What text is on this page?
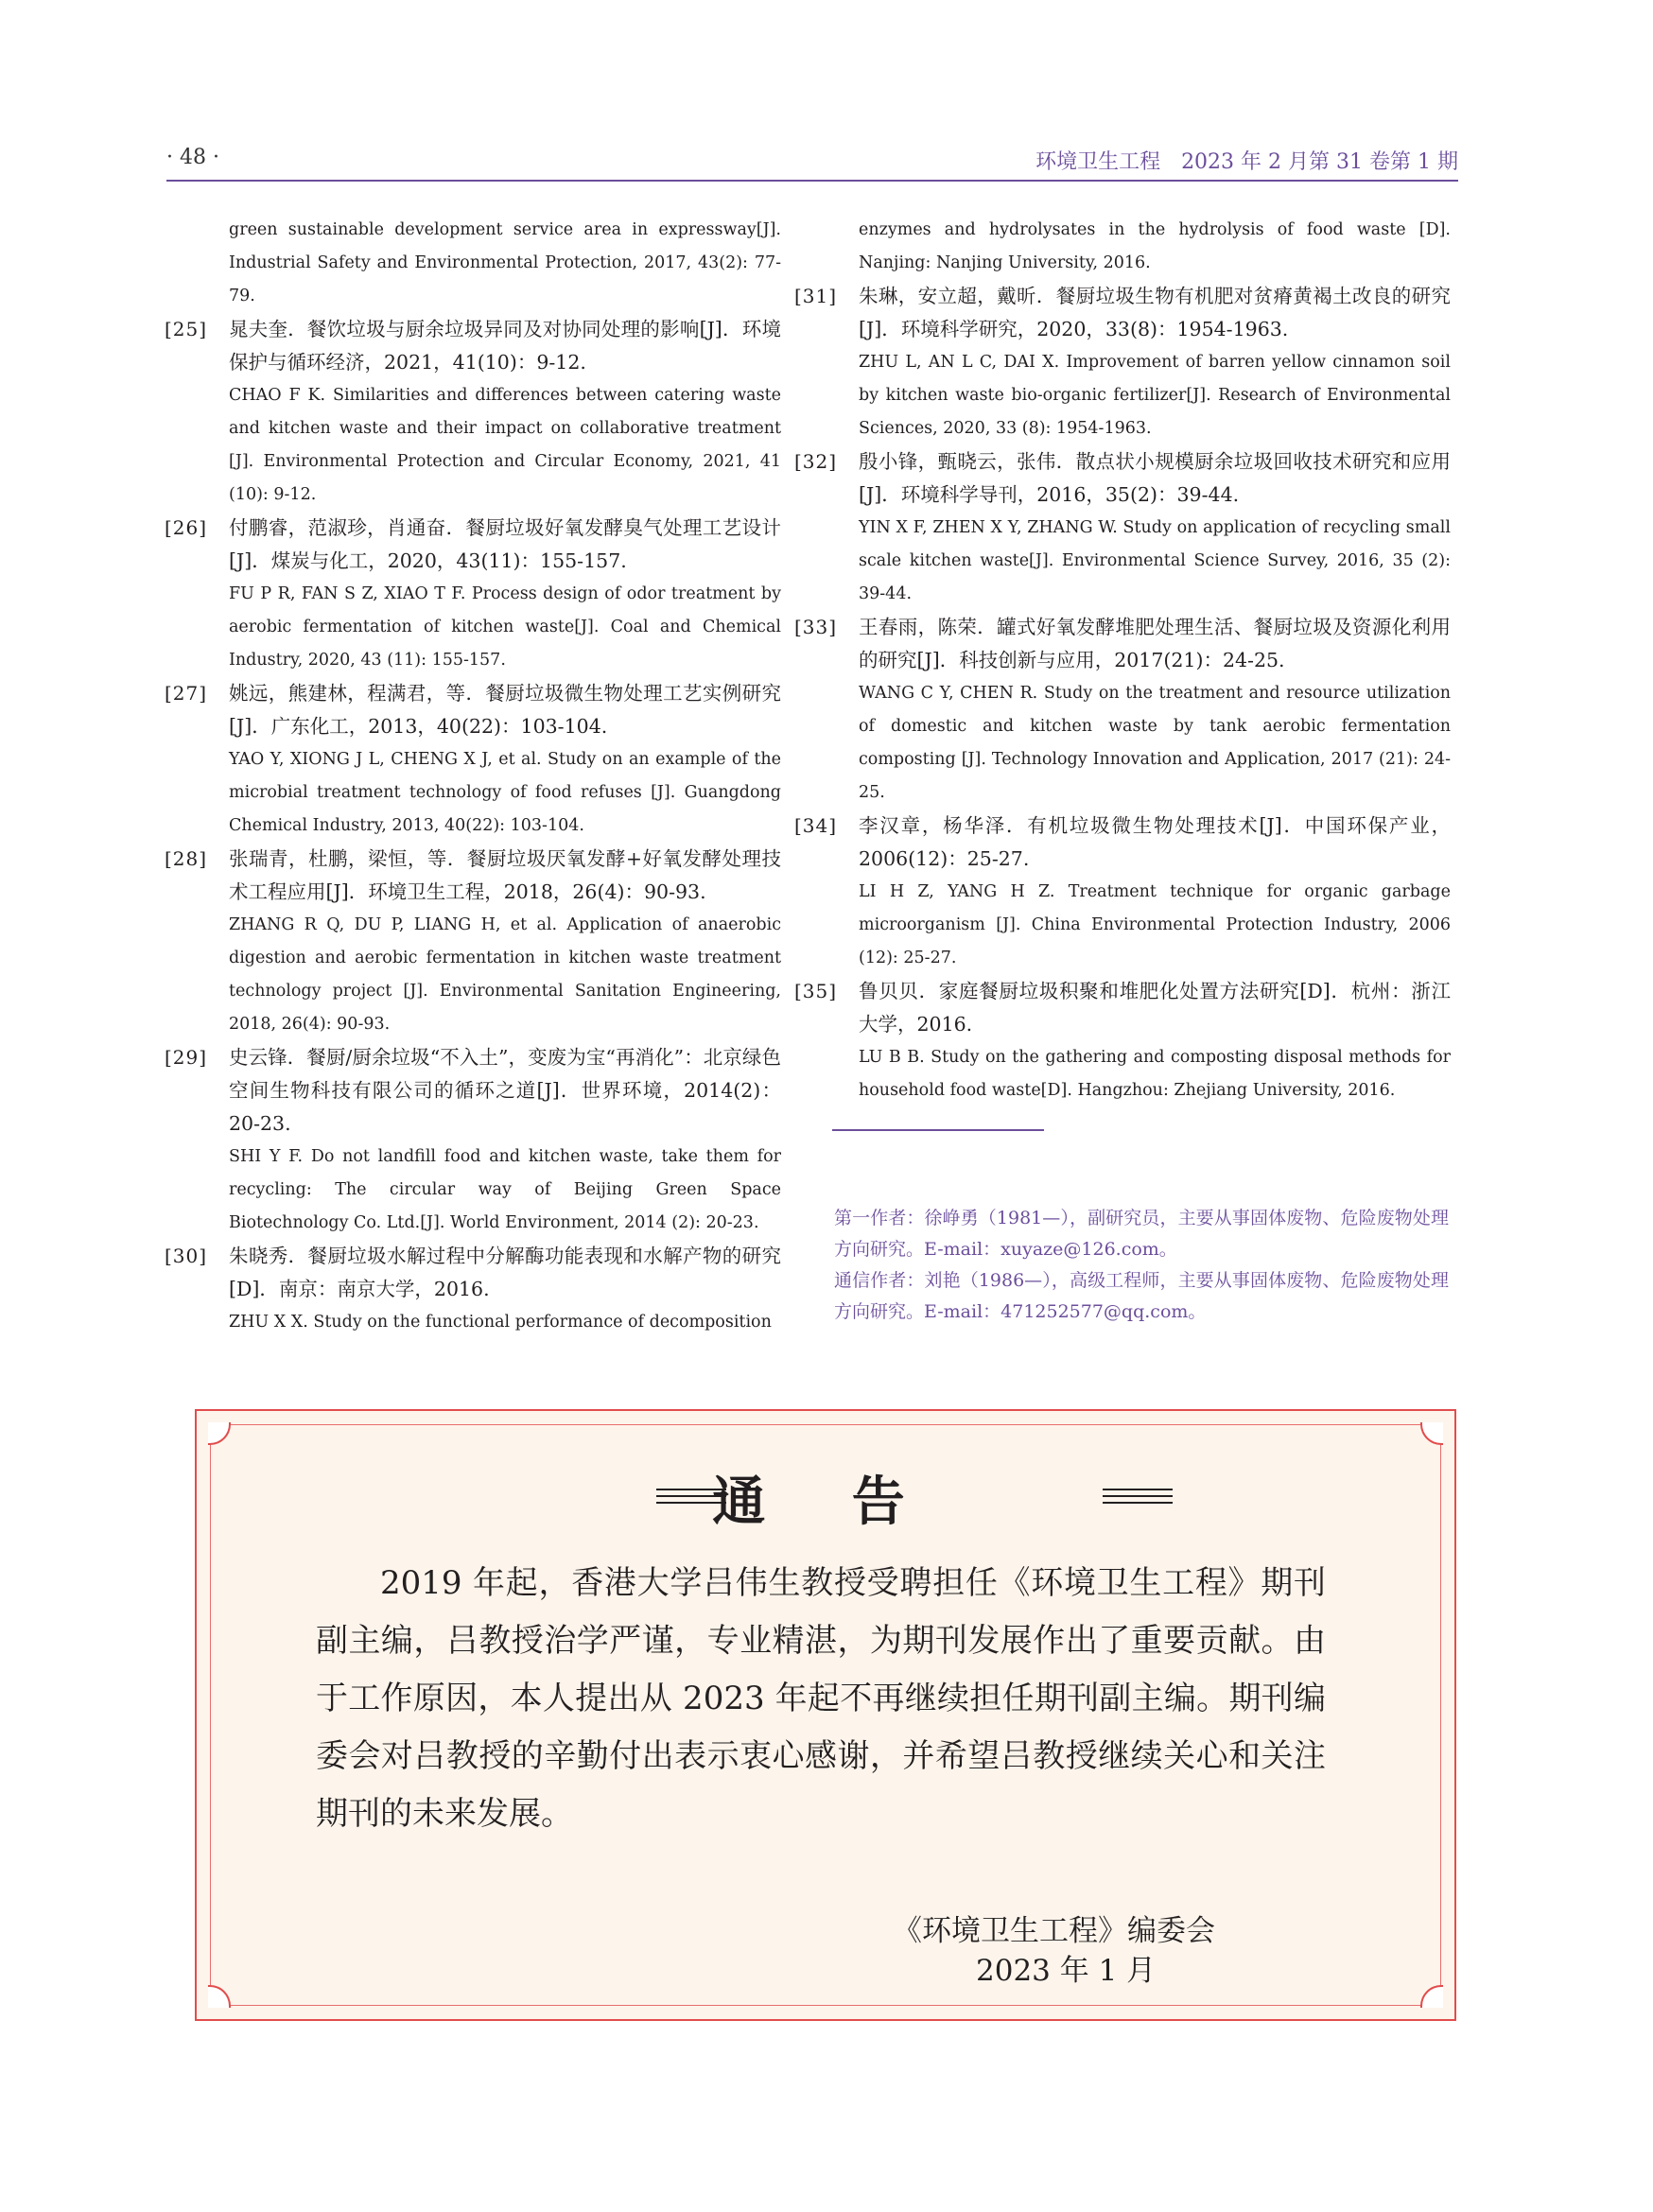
· 48 ·	环境卫生工程　2023 年 2 月第 31 卷第 1 期

green sustainable development service area in expressway[J]. Industrial Safety and Environmental Protection, 2017, 43(2): 77-79.

[25] 晁夫奎．餐饮垃圾与厨余垃圾异同及对协同处理的影响[J]．环境保护与循环经济，2021，41(10)：9-12.

CHAO F K. Similarities and differences between catering waste and kitchen waste and their impact on collaborative treatment [J]. Environmental Protection and Circular Economy, 2021, 41 (10): 9-12.

[26] 付鹏睿，范淑珍，肖通奋．餐厨垃圾好氧发酵臭气处理工艺设计[J]．煤炭与化工，2020，43(11)：155-157.

FU P R, FAN S Z, XIAO T F. Process design of odor treatment by aerobic fermentation of kitchen waste[J]. Coal and Chemical Industry, 2020, 43 (11): 155-157.

[27] 姚远，熊建林，程满君，等．餐厨垃圾微生物处理工艺实例研究[J]．广东化工，2013，40(22)：103-104.

YAO Y, XIONG J L, CHENG X J, et al. Study on an example of the microbial treatment technology of food refuses [J]. Guangdong Chemical Industry, 2013, 40(22): 103-104.

[28] 张瑞青，杜鹏，梁恒，等．餐厨垃圾厌氧发酵+好氧发酵处理技术工程应用[J]．环境卫生工程，2018，26(4)：90-93.

ZHANG R Q, DU P, LIANG H, et al. Application of anaerobic digestion and aerobic fermentation in kitchen waste treatment technology project [J]. Environmental Sanitation Engineering, 2018, 26(4): 90-93.

[29] 史云锋．餐厨/厨余垃圾“不入土”，变废为宝“再消化”：北京绿色空间生物科技有限公司的循环之道[J]．世界环境，2014(2)：20-23.

SHI Y F. Do not landfill food and kitchen waste, take them for recycling: The circular way of Beijing Green Space Biotechnology Co. Ltd.[J]. World Environment, 2014 (2): 20-23.

[30] 朱晓秀．餐厨垃圾水解过程中分解酶功能表现和水解产物的研究[D]．南京：南京大学，2016.

ZHU X X. Study on the functional performance of decomposition

enzymes and hydrolysates in the hydrolysis of food waste [D]. Nanjing: Nanjing University, 2016.

[31] 朱琳，安立超，戴昕．餐厨垃圾生物有机肥对贫瘠黄褐土改良的研究[J]．环境科学研究，2020，33(8)：1954-1963.

ZHU L, AN L C, DAI X. Improvement of barren yellow cinnamon soil by kitchen waste bio-organic fertilizer[J]. Research of Environmental Sciences, 2020, 33 (8): 1954-1963.

[32] 殷小锋，甄晓云，张伟．散点状小规模厨余垃圾回收技术研究和应用[J]．环境科学导刊，2016，35(2)：39-44.

YIN X F, ZHEN X Y, ZHANG W. Study on application of recycling small scale kitchen waste[J]. Environmental Science Survey, 2016, 35 (2): 39-44.

[33] 王春雨，陈荣．罐式好氧发酵堆肥处理生活、餐厨垃圾及资源化利用的研究[J]．科技创新与应用，2017(21)：24-25.

WANG C Y, CHEN R. Study on the treatment and resource utilization of domestic and kitchen waste by tank aerobic fermentation composting [J]. Technology Innovation and Application, 2017 (21): 24-25.

[34] 李汉章，杨华泽．有机垃圾微生物处理技术[J]．中国环保产业，2006(12)：25-27.

LI H Z, YANG H Z. Treatment technique for organic garbage microorganism [J]. China Environmental Protection Industry, 2006 (12): 25-27.

[35] 鲁贝贝．家庭餐厨垃圾积聚和堆肥化处置方法研究[D]．杭州：浙江大学，2016.

LU B B. Study on the gathering and composting disposal methods for household food waste[D]. Hangzhou: Zhejiang University, 2016.

第一作者：徐峥勇（1981—），副研究员，主要从事固体废物、危险废物处理方向研究。E-mail：xuyaze@126.com。
通信作者：刘艳（1986—），高级工程师，主要从事固体废物、危险废物处理方向研究。E-mail：471252577@qq.com。

通 告

2019 年起，香港大学吕伟生教授受聘担任《环境卫生工程》期刊副主编，吕教授治学严谨，专业精湛，为期刊发展作出了重要贡献。由于工作原因，本人提出从 2023 年起不再继续担任期刊副主编。期刊编委会对吕教授的辛勤付出表示衷心感谢，并希望吕教授继续关心和关注期刊的未来发展。

《环境卫生工程》编委会
2023 年 1 月
